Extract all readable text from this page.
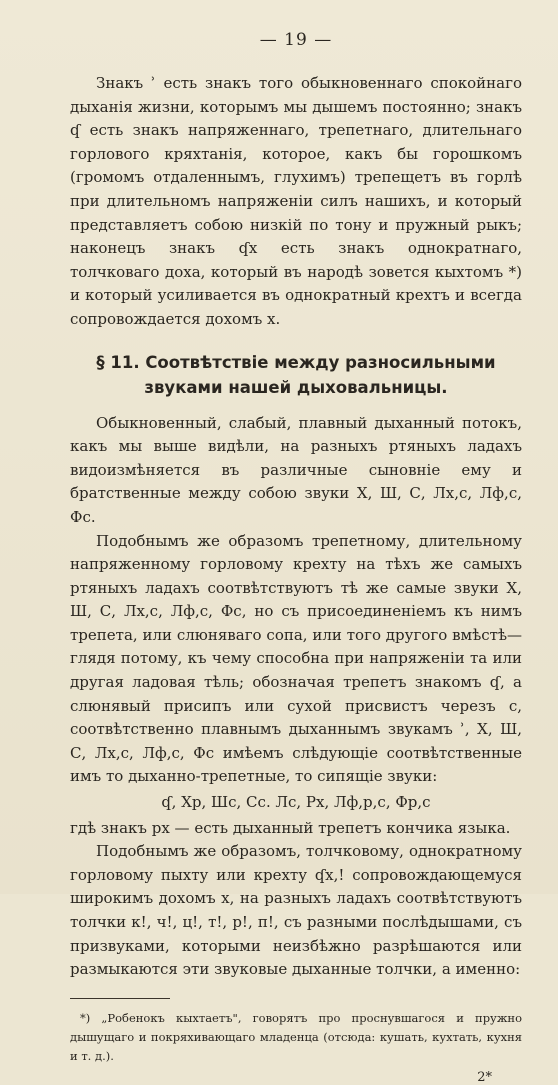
— 19 —

Знакъ ʾ есть знакъ того обыкновеннаго спокойнаго дыханія жизни, которымъ мы дышемъ постоянно; знакъ ʠ есть знакъ напряженнаго, трепетнаго, длительнаго горлового кряхтанія, которое, какъ бы горошкомъ (громомъ отдаленнымъ, глухимъ) трепещетъ въ горлѣ при длительномъ напряженіи силъ нашихъ, и который представляетъ собою низкій по тону и пружный рыкъ; наконецъ знакъ ʠx есть знакъ однократнаго, толчковаго доха, который въ народѣ зовется кыхтомъ *) и который усиливается въ однократный крехтъ и всегда сопровождается дохомъ х.

§ 11. Соотвѣтствіе между разносильными звуками нашей дыховальницы.

Обыкновенный, слабый, плавный дыханный потокъ, какъ мы выше видѣли, на разныхъ ртяныхъ ладахъ видоизмѣняется въ различные сыновніе ему и братственные между собою звуки Х, Ш, С, Лх,с, Лф,с, Фс.

Подобнымъ же образомъ трепетному, длительному напряженному горловому крехту на тѣхъ же самыхъ ртяныхъ ладахъ соотвѣтствуютъ тѣ же самые звуки Х, Ш, С, Лх,с, Лф,с, Фс, но съ присоединеніемъ къ нимъ трепета, или слюняваго сопа, или того другого вмѣстѣ—глядя потому, къ чему способна при напряженіи та или другая ладовая тѣль; обозначая трепетъ знакомъ ʠ, а слюнявый присипъ или сухой присвистъ черезъ с, соотвѣтственно плавнымъ дыханнымъ звукамъ ʾ, Х, Ш, С, Лх,с, Лф,с, Фс имѣемъ слѣдующіе соотвѣтственные имъ то дыханно-трепетные, то сипящіе звуки:

ʠ, Хр, Шс, Сс. Лс, Рх, Лф,р,с, Фр,с

гдѣ знакъ рх — есть дыханный трепетъ кончика языка.

Подобнымъ же образомъ, толчковому, однократному горловому пыхту или крехту ʠx,! сопровождающемуся широкимъ дохомъ х, на разныхъ ладахъ соотвѣтствуютъ толчки к!, ч!, ц!, т!, р!, п!, съ разными послѣдышами, съ призвуками, которыми неизбѣжно разрѣшаются или размыкаются эти звуковые дыханные толчки, а именно:

*) „Робенокъ кыхтаетъ", говорятъ про проснувшагося и пружно дышущаго и покряхивающаго младенца (отсюда: кушать, кухтать, кухня и т. д.).

2*
